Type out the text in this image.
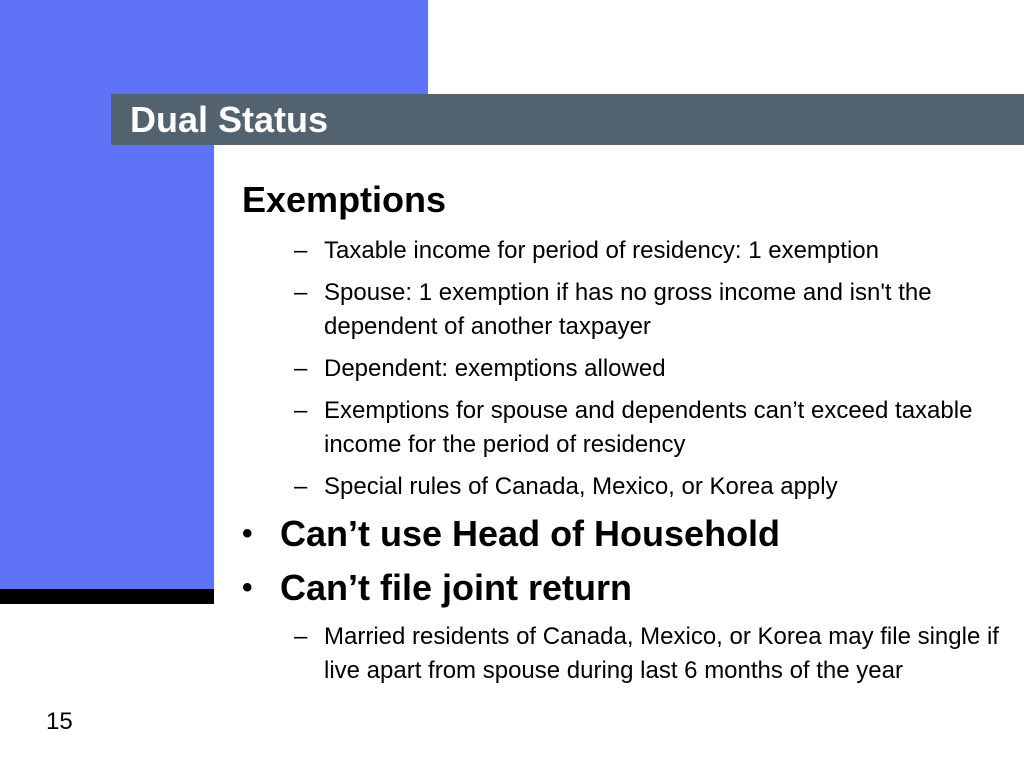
Dual Status
Exemptions
– Taxable income for period of residency: 1 exemption
– Spouse: 1 exemption if has no gross income and isn't the dependent of another taxpayer
– Dependent: exemptions allowed
– Exemptions for spouse and dependents can’t exceed taxable income for the period of residency
– Special rules of Canada, Mexico, or Korea apply
• Can’t use Head of Household
• Can’t file joint return
– Married residents of Canada, Mexico, or Korea may file single if live apart from spouse during last 6 months of the year
15
